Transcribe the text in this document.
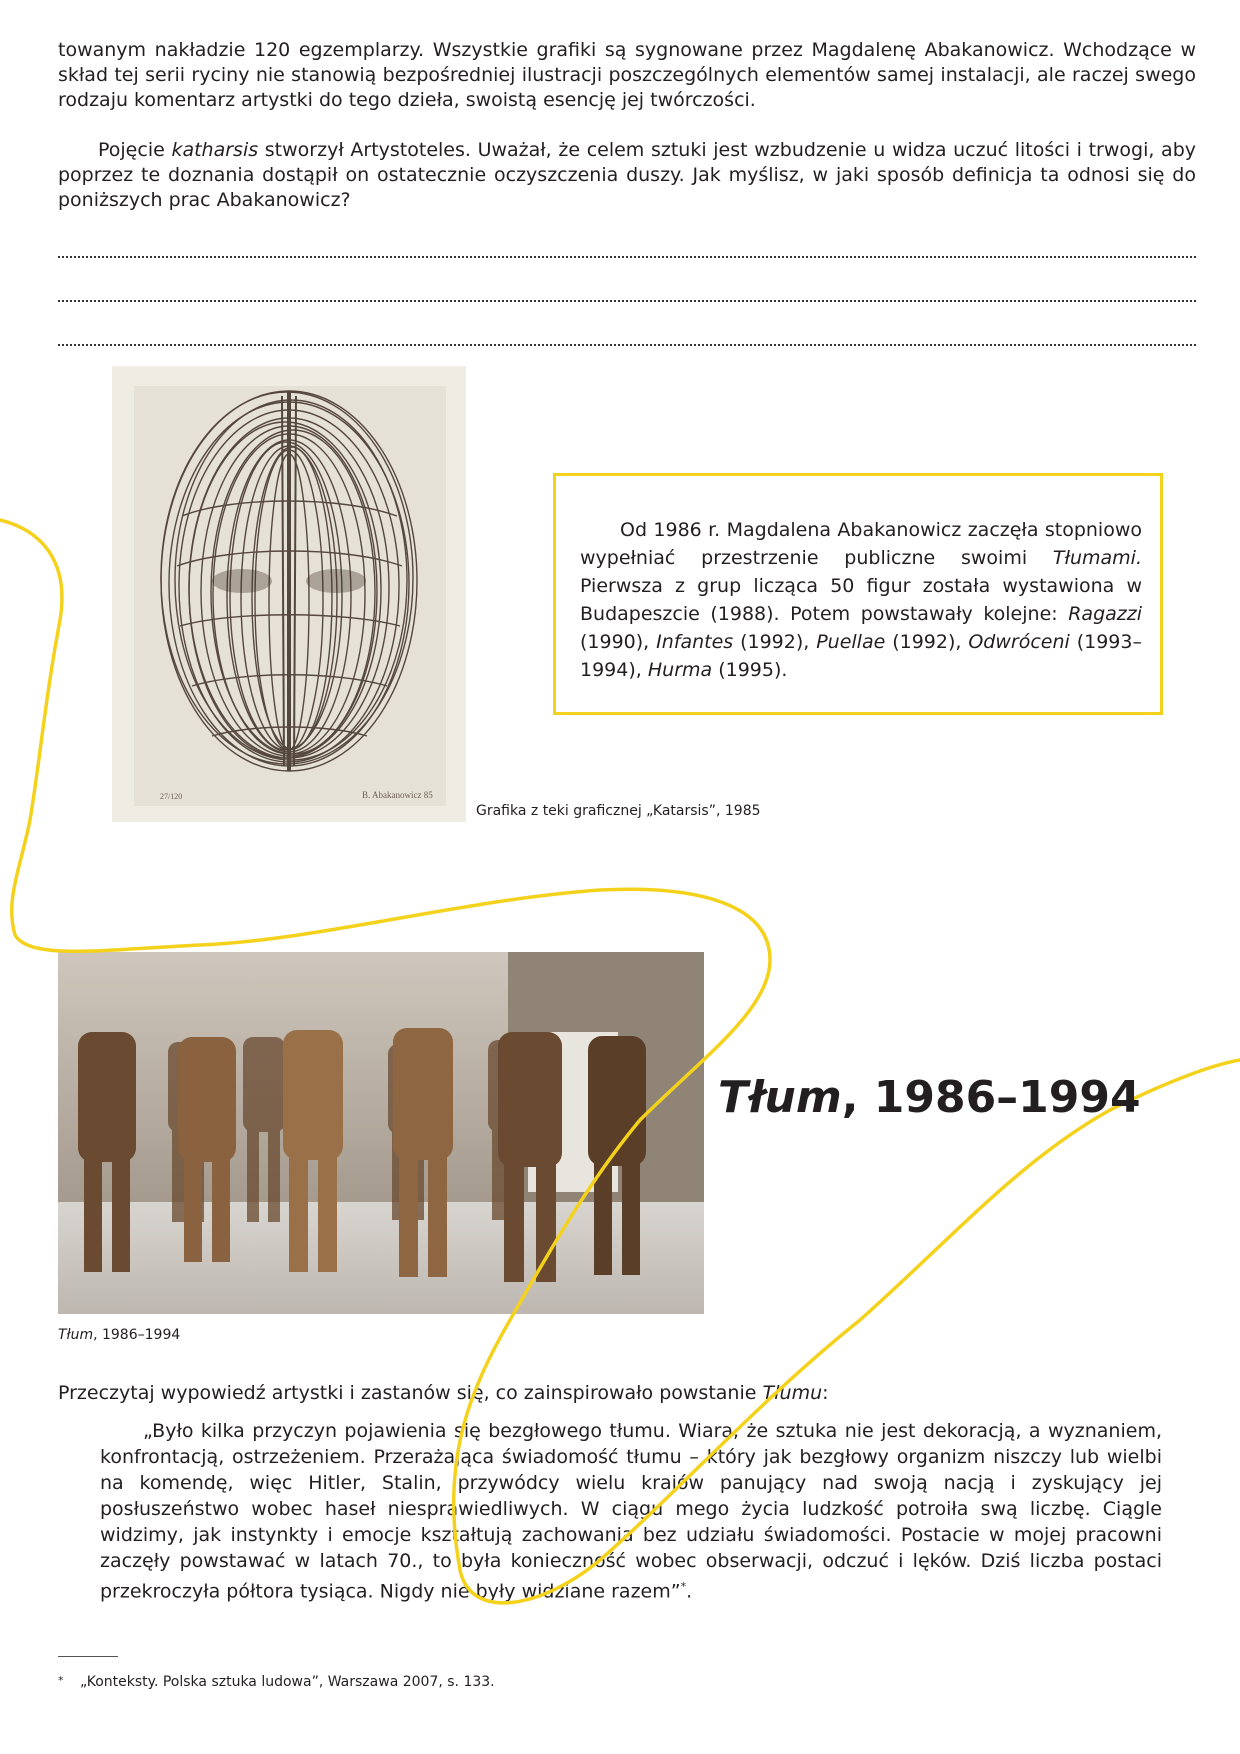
towanym nakładzie 120 egzemplarzy. Wszystkie grafiki są sygnowane przez Magdalenę Abakanowicz. Wchodzące w skład tej serii ryciny nie stanowią bezpośredniej ilustracji poszczególnych elementów samej instalacji, ale raczej swego rodzaju komentarz artystki do tego dzieła, swoistą esencję jej twórczości.

Pojęcie katharsis stworzył Artystoteles. Uważał, że celem sztuki jest wzbudzenie u widza uczuć litości i trwogi, aby poprzez te doznania dostąpił on ostatecznie oczyszczenia duszy. Jak myślisz, w jaki sposób definicja ta odnosi się do poniższych prac Abakanowicz?

27/120	B. Abakanowicz 85
Grafika z teki graficznej „Katarsis”, 1985

Od 1986 r. Magdalena Abakanowicz zaczęła stopniowo wypełniać przestrzenie publiczne swoimi Tłumami. Pierwsza z grup licząca 50 figur została wystawiona w Budapeszcie (1988). Potem powstawały kolejne: Ragazzi (1990), Infantes (1992), Puellae (1992), Odwróceni (1993–1994), Hurma (1995).

Tłum, 1986–1994
Tłum, 1986–1994

Przeczytaj wypowiedź artystki i zastanów się, co zainspirowało powstanie Tłumu:

„Było kilka przyczyn pojawienia się bezgłowego tłumu. Wiara, że sztuka nie jest dekoracją, a wyznaniem, konfrontacją, ostrzeżeniem. Przerażająca świadomość tłumu – który jak bezgłowy organizm niszczy lub wielbi na komendę, więc Hitler, Stalin, przywódcy wielu krajów panujący nad swoją nacją i zyskujący jej posłuszeństwo wobec haseł niesprawiedliwych. W ciągu mego życia ludzkość potroiła swą liczbę. Ciągle widzimy, jak instynkty i emocje kształtują zachowania bez udziału świadomości. Postacie w mojej pracowni zaczęły powstawać w latach 70., to była konieczność wobec obserwacji, odczuć i lęków. Dziś liczba postaci przekroczyła półtora tysiąca. Nigdy nie były widziane razem”*.

* „Konteksty. Polska sztuka ludowa”, Warszawa 2007, s. 133.
